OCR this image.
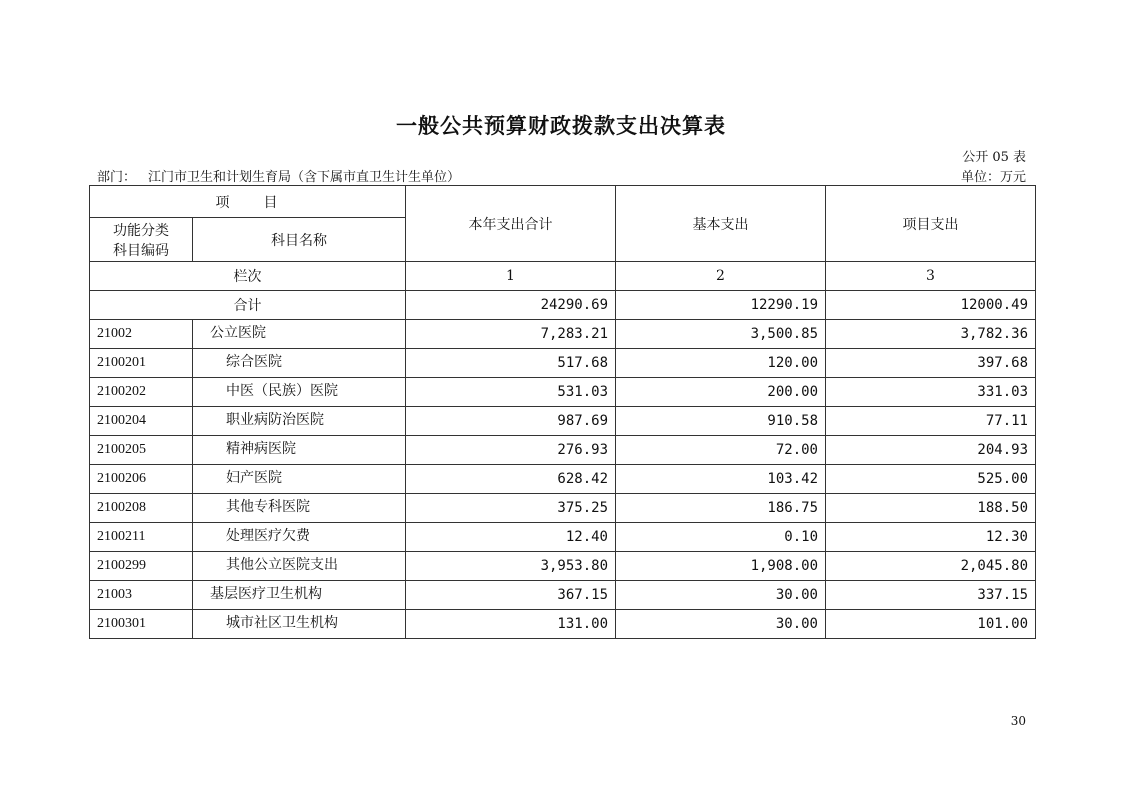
一般公共预算财政拨款支出决算表
公开 05 表
部门： 江门市卫生和计划生育局（含下属市直卫生计生单位）	单位：万元
项　　目		本年支出合计	基本支出	项目支出

功能分类
科目编码	科目名称			
栏次		1	2	3
合计		24290.69	12290.19	12000.49
21002	公立医院	7,283.21	3,500.85	3,782.36
2100201	综合医院	517.68	120.00	397.68
2100202	中医（民族）医院	531.03	200.00	331.03
2100204	职业病防治医院	987.69	910.58	77.11
2100205	精神病医院	276.93	72.00	204.93
2100206	妇产医院	628.42	103.42	525.00
2100208	其他专科医院	375.25	186.75	188.50
2100211	处理医疗欠费	12.40	0.10	12.30
2100299	其他公立医院支出	3,953.80	1,908.00	2,045.80
21003	基层医疗卫生机构	367.15	30.00	337.15
2100301	城市社区卫生机构	131.00	30.00	101.00
30
